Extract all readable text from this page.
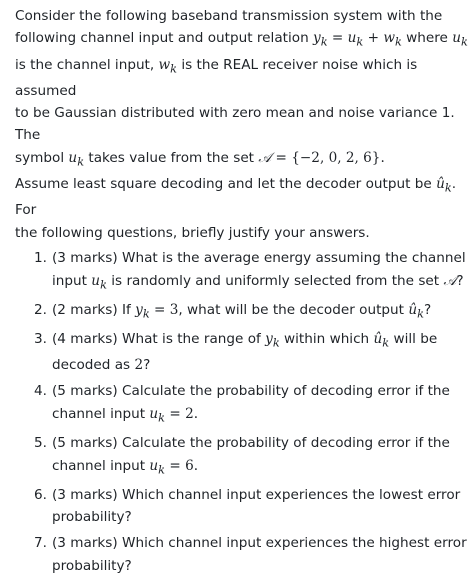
Consider the following baseband transmission system with the
following channel input and output relation $y_k = u_k + w_k$ where $u_k$
is the channel input, $w_k$ is the REAL receiver noise which is assumed
to be Gaussian distributed with zero mean and noise variance 1. The
symbol $u_k$ takes value from the set 𝒜 = {−2, 0, 2, 6}.
Assume least square decoding and let the decoder output be $û_k$. For
the following questions, briefly justify your answers.

1. (3 marks) What is the average energy assuming the channel
input $u_k$ is randomly and uniformly selected from the set 𝒜?
2. (2 marks) If $y_k = 3$, what will be the decoder output $û_k$?
3. (4 marks) What is the range of $y_k$ within which $û_k$ will be
decoded as 2?
4. (5 marks) Calculate the probability of decoding error if the
channel input $u_k = 2$.
5. (5 marks) Calculate the probability of decoding error if the
channel input $u_k = 6$.
6. (3 marks) Which channel input experiences the lowest error
probability?
7. (3 marks) Which channel input experiences the highest error
probability?
